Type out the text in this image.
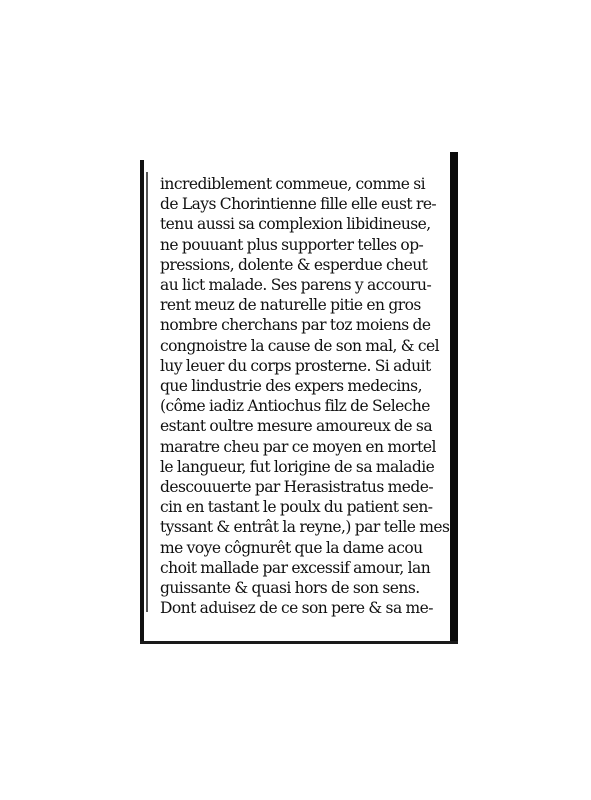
incrediblement commeue, comme si
de Lays Chorintienne fille elle eust re-
tenu aussi sa complexion libidineuse,
ne pouuant plus supporter telles op-
pressions, dolente & esperdue cheut
au lict malade. Ses parens y accouru-
rent meuz de naturelle pitie en gros
nombre cherchans par toz moiens de
congnoistre la cause de son mal, & cel
luy leuer du corps prosterne. Si aduit
que lindustrie des expers medecins,
(côme iadiz Antiochus filz de Seleche
estant oultre mesure amoureux de sa
maratre cheu par ce moyen en mortel
le langueur, fut lorigine de sa maladie
descouuerte par Herasistratus mede-
cin en tastant le poulx du patient sen-
tyssant & entrât la reyne,) par telle mes
me voye côgnurêt que la dame acou
choit mallade par excessif amour, lan
guissante & quasi hors de son sens.
Dont aduisez de ce son pere & sa me-
